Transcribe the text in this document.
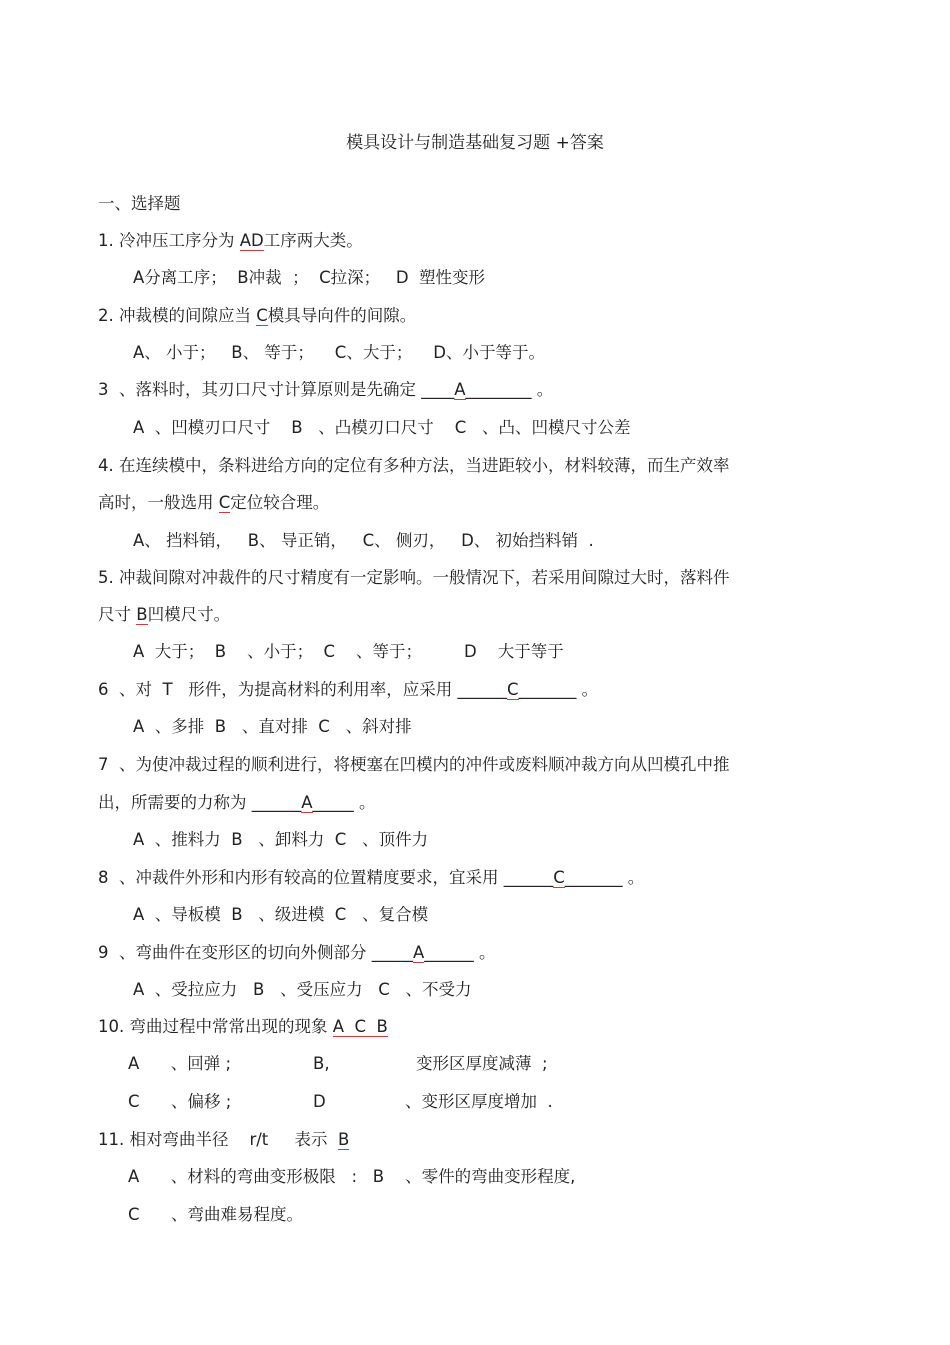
模具设计与制造基础复习题 +答案
一、选择题
1. 冷冲压工序分为 AD工序两大类。
A分离工序；  B冲裁  ；  C拉深；   D  塑性变形
2. 冲裁模的间隙应当 C模具导向件的间隙。
A、 小于；   B、 等于；    C、大于；    D、小于等于。
3  、落料时，其刃口尺寸计算原则是先确定 ____A________ 。
A  、凹模刃口尺寸    B   、凸模刃口尺寸    C   、凸、凹模尺寸公差
4. 在连续模中，条料进给方向的定位有多种方法，当进距较小，材料较薄，而生产效率
高时，一般选用 C定位较合理。
A、 挡料销，   B、 导正销，   C、 侧刃，   D、 初始挡料销  .
5. 冲裁间隙对冲裁件的尺寸精度有一定影响。一般情况下，若采用间隙过大时，落料件
尺寸 B凹模尺寸。
A  大于；  B    、小于；  C    、等于；        D    大于等于
6  、对  T   形件，为提高材料的利用率，应采用 ______C_______ 。
A  、多排  B   、直对排  C   、斜对排
7  、为使冲裁过程的顺利进行，将梗塞在凹模内的冲件或废料顺冲裁方向从凹模孔中推
出，所需要的力称为 ______A_____ 。
A  、推料力  B   、卸料力  C   、顶件力
8  、冲裁件外形和内形有较高的位置精度要求，宜采用 ______C_______ 。
A  、导板模  B   、级进模  C   、复合模
9  、弯曲件在变形区的切向外侧部分 _____A______ 。
A  、受拉应力   B   、受压应力   C   、不受力
10. 弯曲过程中常常出现的现象 A  C  B
A      、回弹 ;	B,	变形区厚度减薄  ;
C      、偏移 ;	D	、变形区厚度增加  .
11. 相对弯曲半径    r/t     表示  B
A      、材料的弯曲变形极限   :   B    、零件的弯曲变形程度,
C      、弯曲难易程度。
